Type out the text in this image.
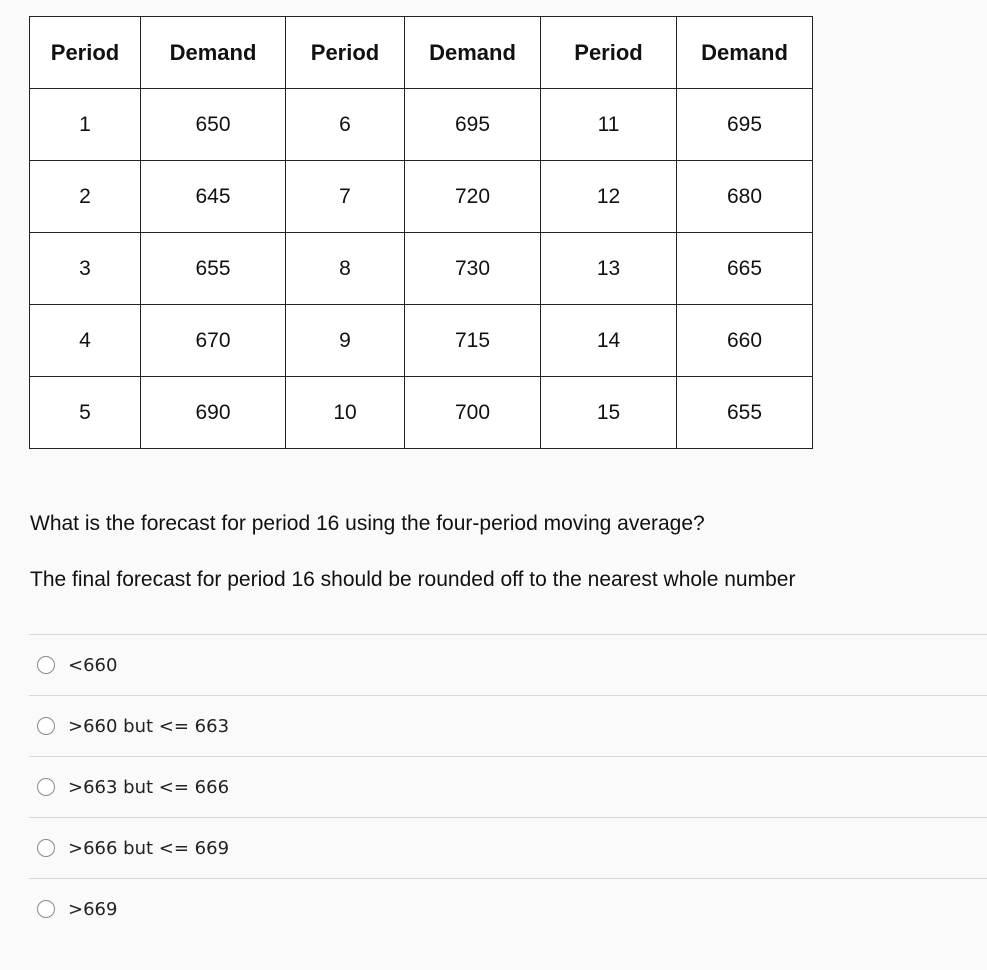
Period	Demand	Period	Demand	Period	Demand
1	650	6	695	11	695
2	645	7	720	12	680
3	655	8	730	13	665
4	670	9	715	14	660
5	690	10	700	15	655

What is the forecast for period 16 using the four-period moving average?

The final forecast for period 16 should be rounded off to the nearest whole number

<660
>660 but <= 663
>663 but <= 666
>666 but <= 669
>669
